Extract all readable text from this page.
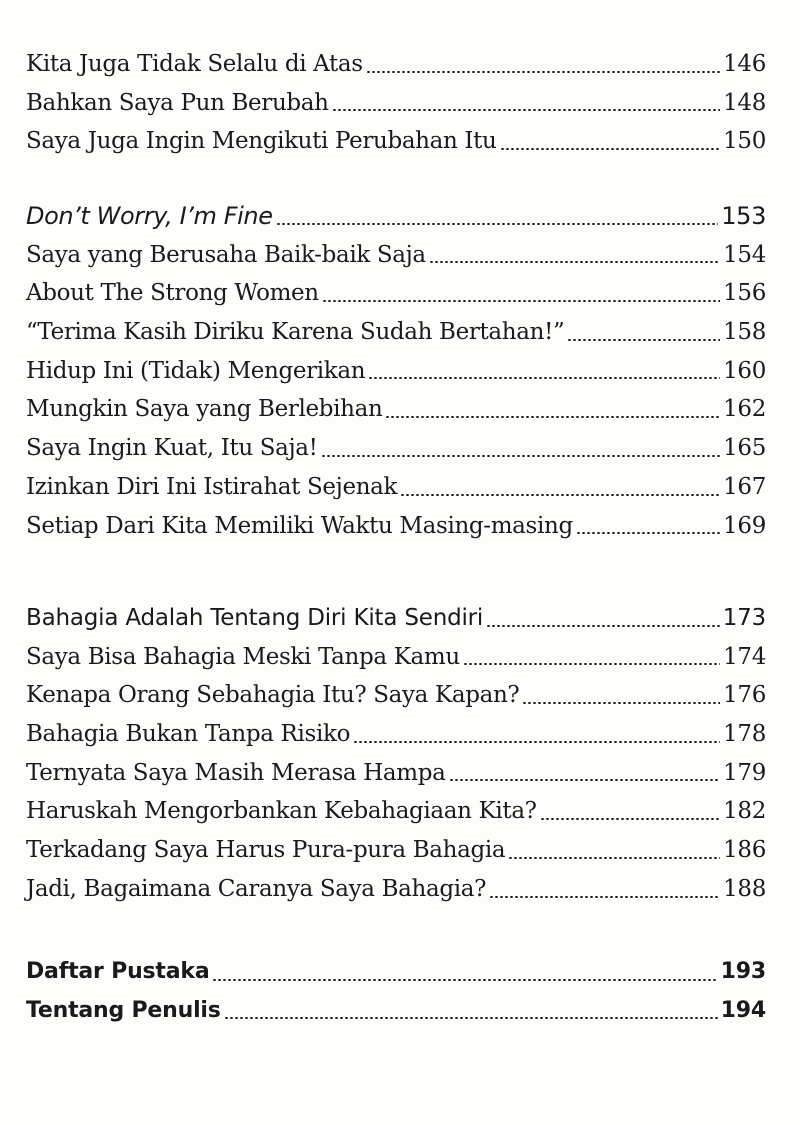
Kita Juga Tidak Selalu di Atas	146
Bahkan Saya Pun Berubah	148
Saya Juga Ingin Mengikuti Perubahan Itu	150
Don’t Worry, I’m Fine	153
Saya yang Berusaha Baik-baik Saja	154
About The Strong Women	156
“Terima Kasih Diriku Karena Sudah Bertahan!”	158
Hidup Ini (Tidak) Mengerikan	160
Mungkin Saya yang Berlebihan	162
Saya Ingin Kuat, Itu Saja!	165
Izinkan Diri Ini Istirahat Sejenak	167
Setiap Dari Kita Memiliki Waktu Masing-masing	169
Bahagia Adalah Tentang Diri Kita Sendiri	173
Saya Bisa Bahagia Meski Tanpa Kamu	174
Kenapa Orang Sebahagia Itu? Saya Kapan?	176
Bahagia Bukan Tanpa Risiko	178
Ternyata Saya Masih Merasa Hampa	179
Haruskah Mengorbankan Kebahagiaan Kita?	182
Terkadang Saya Harus Pura-pura Bahagia	186
Jadi, Bagaimana Caranya Saya Bahagia?	188
Daftar Pustaka	193
Tentang Penulis	194
